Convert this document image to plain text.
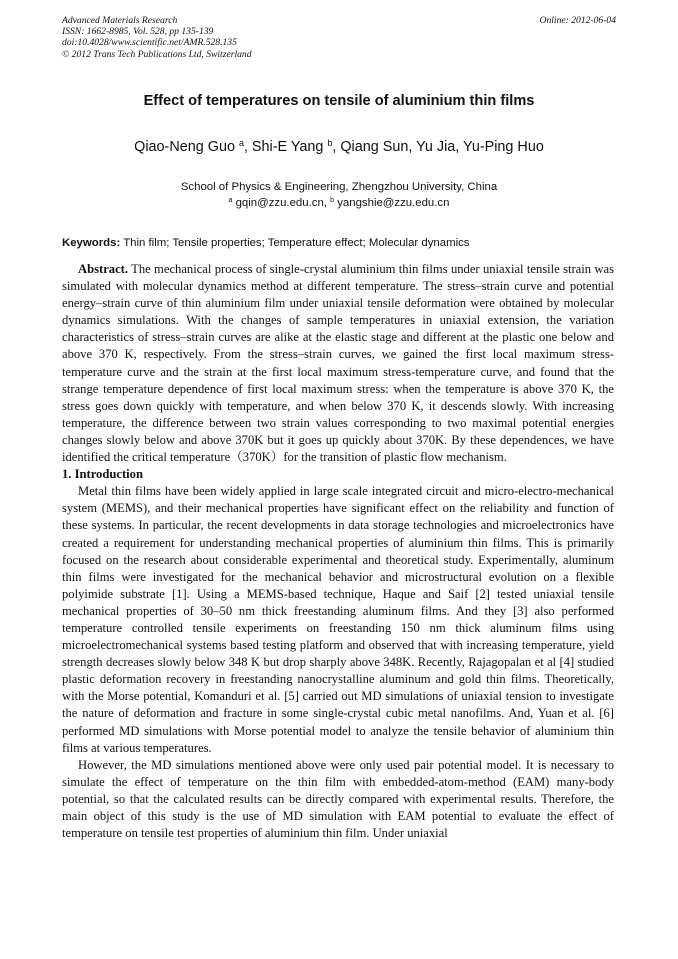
Advanced Materials Research
ISSN: 1662-8985, Vol. 528, pp 135-139
doi:10.4028/www.scientific.net/AMR.528.135
© 2012 Trans Tech Publications Ltd, Switzerland
Online: 2012-06-04
Effect of temperatures on tensile of aluminium thin films
Qiao-Neng Guo $^a$, Shi-E Yang $^b$, Qiang Sun, Yu Jia, Yu-Ping Huo
School of Physics & Engineering, Zhengzhou University, China
$^a$ gqin@zzu.edu.cn, $^b$ yangshie@zzu.edu.cn
Keywords: Thin film; Tensile properties; Temperature effect; Molecular dynamics

Abstract. The mechanical process of single-crystal aluminium thin films under uniaxial tensile strain was simulated with molecular dynamics method at different temperature. The stress–strain curve and potential energy–strain curve of thin aluminium film under uniaxial tensile deformation were obtained by molecular dynamics simulations. With the changes of sample temperatures in uniaxial extension, the variation characteristics of stress–strain curves are alike at the elastic stage and different at the plastic one below and above 370 K, respectively. From the stress–strain curves, we gained the first local maximum stress-temperature curve and the strain at the first local maximum stress-temperature curve, and found that the strange temperature dependence of first local maximum stress: when the temperature is above 370 K, the stress goes down quickly with temperature, and when below 370 K, it descends slowly. With increasing temperature, the difference between two strain values corresponding to two maximal potential energies changes slowly below and above 370K but it goes up quickly about 370K. By these dependences, we have identified the critical temperature（370K）for the transition of plastic flow mechanism.

1. Introduction

Metal thin films have been widely applied in large scale integrated circuit and micro-electro-mechanical system (MEMS), and their mechanical properties have significant effect on the reliability and function of these systems. In particular, the recent developments in data storage technologies and microelectronics have created a requirement for understanding mechanical properties of aluminium thin films. This is primarily focused on the research about considerable experimental and theoretical study. Experimentally, aluminum thin films were investigated for the mechanical behavior and microstructural evolution on a flexible polyimide substrate [1]. Using a MEMS-based technique, Haque and Saif [2] tested uniaxial tensile mechanical properties of 30–50 nm thick freestanding aluminum films. And they [3] also performed temperature controlled tensile experiments on freestanding 150 nm thick aluminum films using microelectromechanical systems based testing platform and observed that with increasing temperature, yield strength decreases slowly below 348 K but drop sharply above 348K. Recently, Rajagopalan et al [4] studied plastic deformation recovery in freestanding nanocrystalline aluminum and gold thin films. Theoretically, with the Morse potential, Komanduri et al. [5] carried out MD simulations of uniaxial tension to investigate the nature of deformation and fracture in some single-crystal cubic metal nanofilms. And, Yuan et al. [6] performed MD simulations with Morse potential model to analyze the tensile behavior of aluminium thin films at various temperatures.

However, the MD simulations mentioned above were only used pair potential model. It is necessary to simulate the effect of temperature on the thin film with embedded-atom-method (EAM) many-body potential, so that the calculated results can be directly compared with experimental results. Therefore, the main object of this study is the use of MD simulation with EAM potential to evaluate the effect of temperature on tensile test properties of aluminium thin film. Under uniaxial
